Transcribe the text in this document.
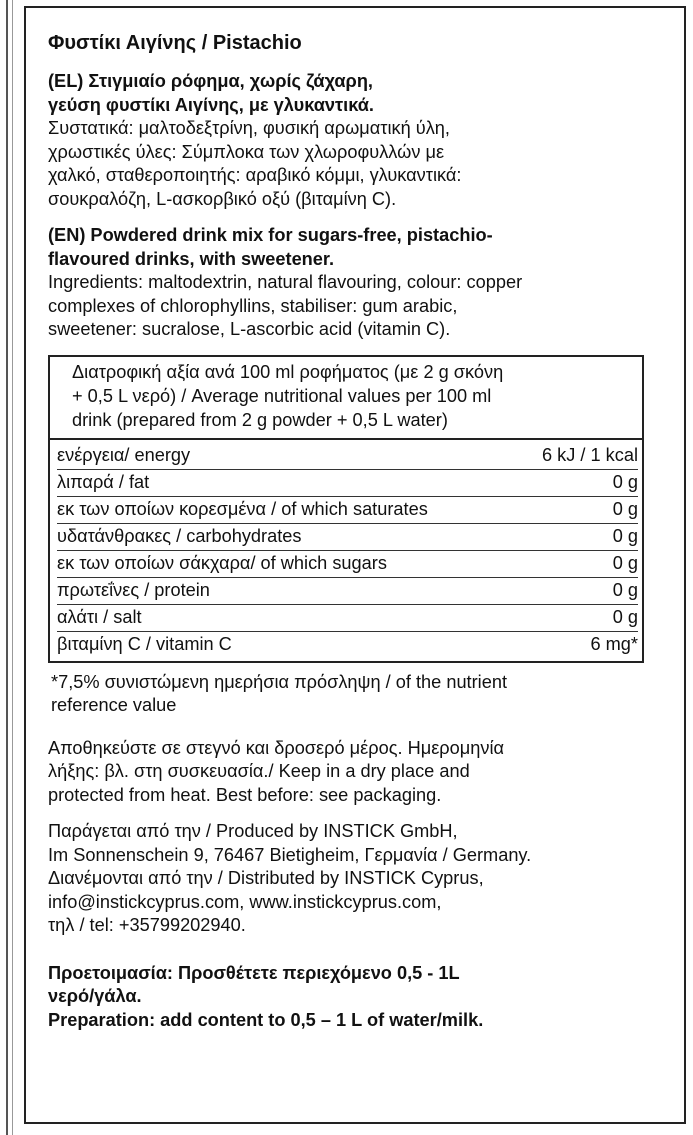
Φυστίκι Αιγίνης / Pistachio
(EL) Στιγμιαίο ρόφημα, χωρίς ζάχαρη,
γεύση φυστίκι Αιγίνης, με γλυκαντικά.
Συστατικά: μαλτοδεξτρίνη, φυσική αρωματική ύλη,
χρωστικές ύλες: Σύμπλοκα των χλωροφυλλών με
χαλκό, σταθεροποιητής: αραβικό κόμμι, γλυκαντικά:
σουκραλόζη, L-ασκορβικό οξύ (βιταμίνη C).
(EN) Powdered drink mix for sugars-free, pistachio-
flavoured drinks, with sweetener.
Ingredients: maltodextrin, natural flavouring, colour: copper
complexes of chlorophyllins, stabiliser: gum arabic,
sweetener: sucralose, L-ascorbic acid (vitamin C).
Διατροφική αξία ανά 100 ml ροφήματος (με 2 g σκόνη
+ 0,5 L νερό) / Average nutritional values per 100 ml
drink (prepared from 2 g powder + 0,5 L water)
ενέργεια/ energy	6 kJ / 1 kcal
λιπαρά / fat	0 g
εκ των οποίων κορεσμένα / of which saturates	0 g
υδατάνθρακες / carbohydrates	0 g
εκ των οποίων σάκχαρα/ of which sugars	0 g
πρωτεΐνες / protein	0 g
αλάτι / salt	0 g
βιταμίνη C / vitamin C	6 mg*
*7,5% συνιστώμενη ημερήσια πρόσληψη / of the nutrient
reference value
Αποθηκεύστε σε στεγνό και δροσερό μέρος. Ημερομηνία
λήξης: βλ. στη συσκευασία./ Keep in a dry place and
protected from heat. Best before: see packaging.
Παράγεται από την / Produced by INSTICK GmbH,
Im Sonnenschein 9, 76467 Bietigheim, Γερμανία / Germany.
Διανέμονται από την / Distributed by INSTICK Cyprus,
info@instickcyprus.com, www.instickcyprus.com,
τηλ / tel: +35799202940.
Προετοιμασία: Προσθέτετε περιεχόμενο 0,5 - 1L
νερό/γάλα.
Preparation: add content to 0,5 – 1 L of water/milk.
